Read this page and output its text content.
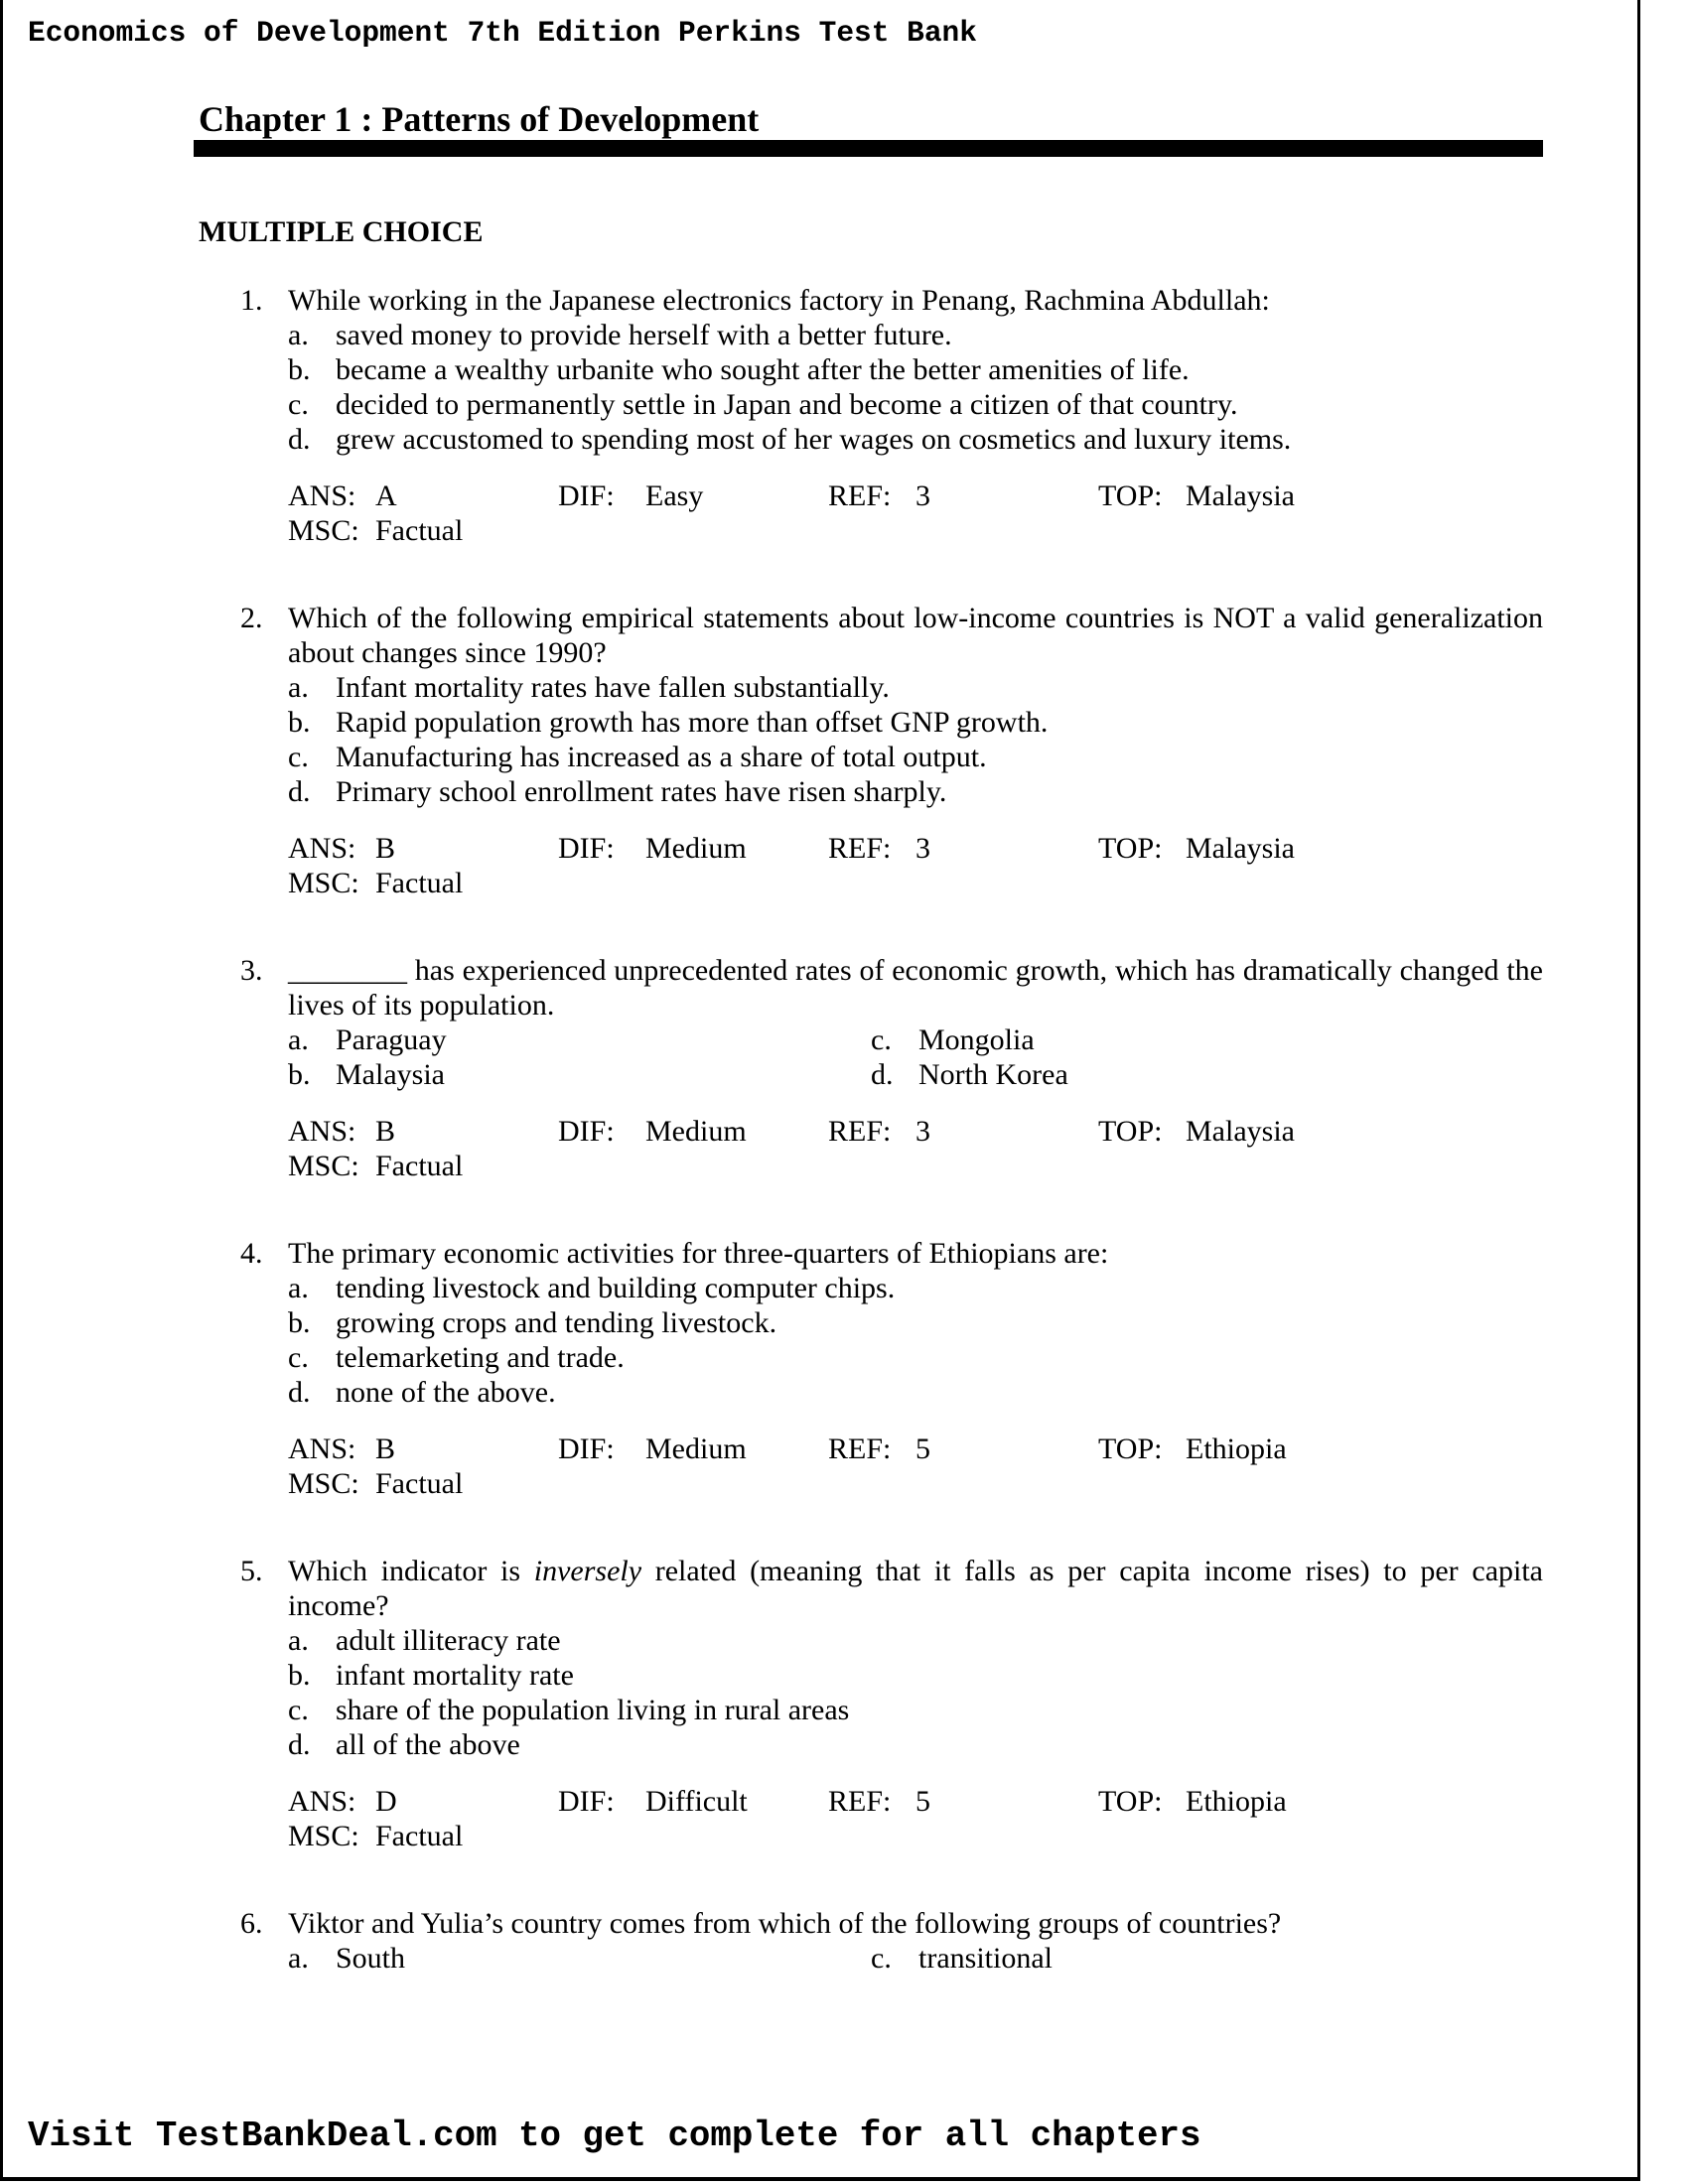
Economics of Development 7th Edition Perkins Test Bank
Chapter 1 : Patterns of Development
MULTIPLE CHOICE
1. While working in the Japanese electronics factory in Penang, Rachmina Abdullah:
a. saved money to provide herself with a better future.
b. became a wealthy urbanite who sought after the better amenities of life.
c. decided to permanently settle in Japan and become a citizen of that country.
d. grew accustomed to spending most of her wages on cosmetics and luxury items.
ANS: A	DIF:	Easy	REF: 3	TOP: Malaysia
MSC: Factual
2. Which of the following empirical statements about low-income countries is NOT a valid generalization about changes since 1990?
a. Infant mortality rates have fallen substantially.
b. Rapid population growth has more than offset GNP growth.
c. Manufacturing has increased as a share of total output.
d. Primary school enrollment rates have risen sharply.
ANS: B	DIF:	Medium	REF: 3	TOP: Malaysia
MSC: Factual
3. ________ has experienced unprecedented rates of economic growth, which has dramatically changed the lives of its population.
a. Paraguay	c. Mongolia
b. Malaysia	d. North Korea
ANS: B	DIF:	Medium	REF: 3	TOP: Malaysia
MSC: Factual
4. The primary economic activities for three-quarters of Ethiopians are:
a. tending livestock and building computer chips.
b. growing crops and tending livestock.
c. telemarketing and trade.
d. none of the above.
ANS: B	DIF:	Medium	REF: 5	TOP: Ethiopia
MSC: Factual
5. Which indicator is inversely related (meaning that it falls as per capita income rises) to per capita income?
a. adult illiteracy rate
b. infant mortality rate
c. share of the population living in rural areas
d. all of the above
ANS: D	DIF:	Difficult	REF: 5	TOP: Ethiopia
MSC: Factual
6. Viktor and Yulia’s country comes from which of the following groups of countries?
a. South	c. transitional
Visit TestBankDeal.com to get complete for all chapters
